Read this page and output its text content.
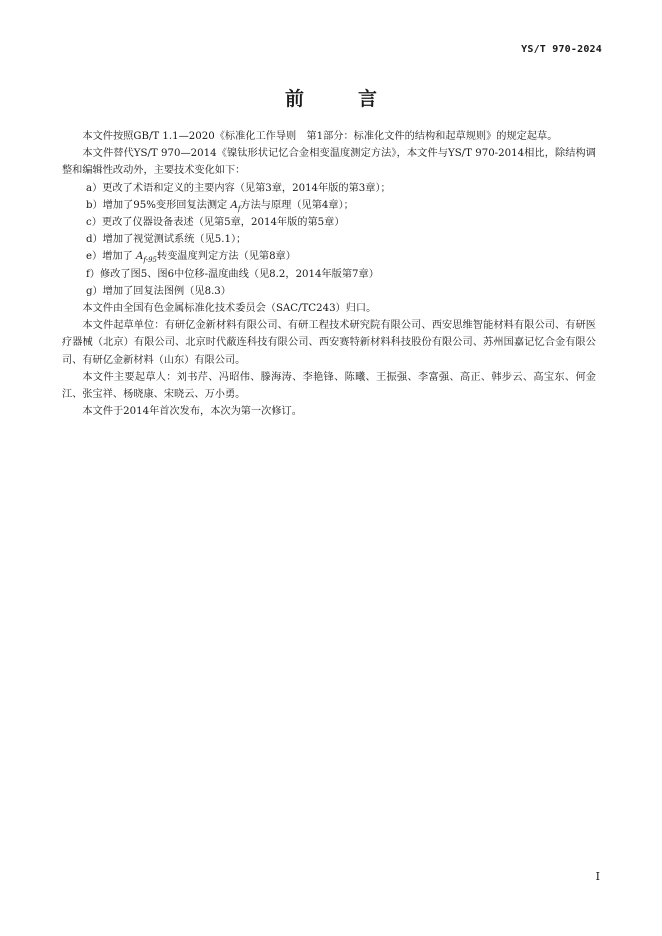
YS/T 970-2024
前	言

本文件按照GB/T 1.1—2020《标准化工作导则　第1部分：标准化文件的结构和起草规则》的规定起草。

本文件替代YS/T 970—2014《镍钛形状记忆合金相变温度测定方法》，本文件与YS/T 970-2014相比，除结构调整和编辑性改动外，主要技术变化如下：

a）更改了术语和定义的主要内容（见第3章，2014年版的第3章）；

b）增加了95%变形回复法测定 $A_f$方法与原理（见第4章）；

c）更改了仪器设备表述（见第5章，2014年版的第5章）

d）增加了视觉测试系统（见5.1）；

e）增加了 $A_{f-95}$转变温度判定方法（见第8章）

f）修改了图5、图6中位移-温度曲线（见8.2，2014年版第7章）

g）增加了回复法图例（见8.3）

本文件由全国有色金属标准化技术委员会（SAC/TC243）归口。

本文件起草单位：有研亿金新材料有限公司、有研工程技术研究院有限公司、西安思维智能材料有限公司、有研医疗器械（北京）有限公司、北京时代蔽连科技有限公司、西安赛特新材料科技股份有限公司、苏州国嘉记忆合金有限公司、有研亿金新材料（山东）有限公司。

本文件主要起草人：刘书芹、冯昭伟、滕海涛、李艳锋、陈曦、王振强、李富强、高正、韩步云、高宝东、何金江、张宝祥、杨晓康、宋晓云、万小勇。

本文件于2014年首次发布，本次为第一次修订。

I
